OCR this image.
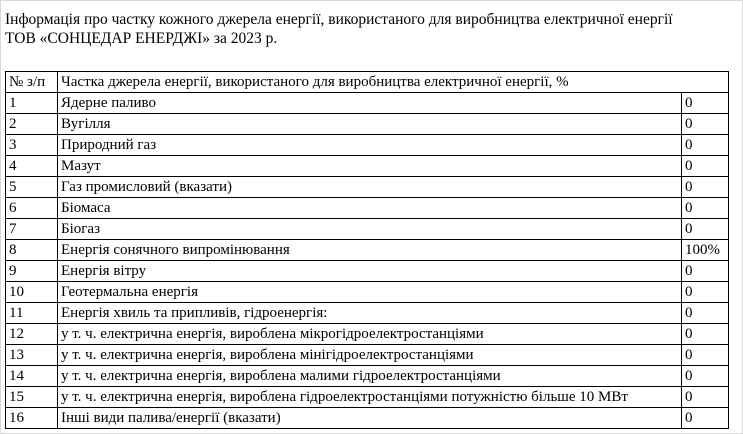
Інформація про частку кожного джерела енергії, використаного для виробництва електричної енергії
ТОВ «СОНЦЕДАР ЕНЕРДЖІ» за 2023 р.
№ з/п	Частка джерела енергії, використаного для виробництва електричної енергії, %	
1	Ядерне паливо	0
2	Вугілля	0
3	Природний газ	0
4	Мазут	0
5	Газ промисловий (вказати)	0
6	Біомаса	0
7	Біогаз	0
8	Енергія сонячного випромінювання	100%
9	Енергія вітру	0
10	Геотермальна енергія	0
11	Енергія хвиль та припливів, гідроенергія:	0
12	у т. ч. електрична енергія, вироблена мікрогідроелектростанціями	0
13	у т. ч. електрична енергія, вироблена мінігідроелектростанціями	0
14	у т. ч. електрична енергія, вироблена малими гідроелектростанціями	0
15	у т. ч. електрична енергія, вироблена гідроелектростанціями потужністю більше 10 МВт	0
16	Інші види палива/енергії (вказати)	0
